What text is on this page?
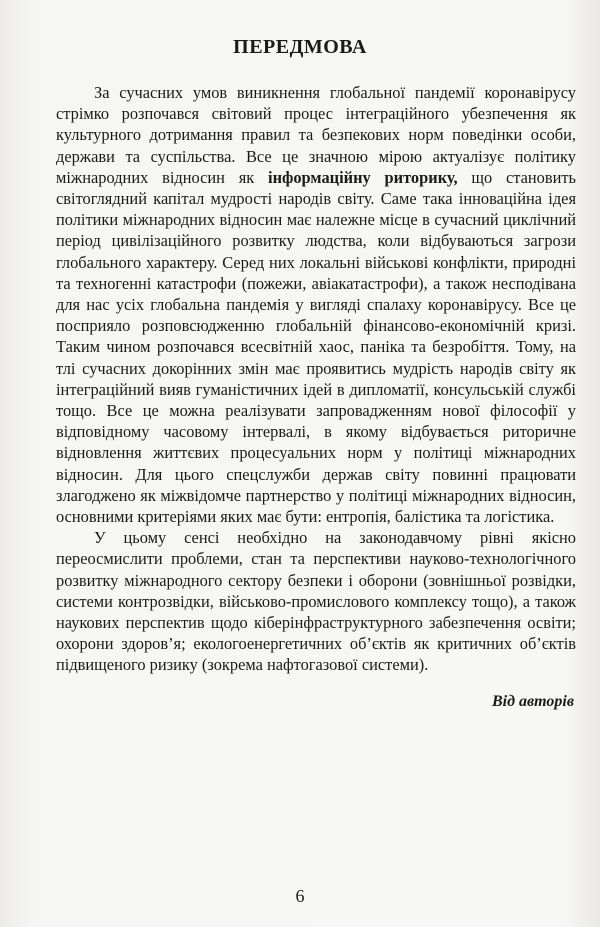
ПЕРЕДМОВА

За сучасних умов виникнення глобальної пандемії коронавірусу стрімко розпочався світовий процес інтеграційного убезпечення як культурного дотримання правил та безпекових норм поведінки особи, держави та суспільства. Все це значною мірою актуалізує політику міжнародних відносин як інформаційну риторику, що становить світоглядний капітал мудрості народів світу. Саме така інноваційна ідея політики міжнародних відносин має належне місце в сучасний циклічний період цивілізаційного розвитку людства, коли відбуваються загрози глобального характеру. Серед них локальні військові конфлікти, природні та техногенні катастрофи (пожежи, авіакатастрофи), а також несподівана для нас усіх глобальна пандемія у вигляді спалаху коронавірусу. Все це посприяло розповсюдженню глобальній фінансово-економічній кризі. Таким чином розпочався всесвітній хаос, паніка та безробіття. Тому, на тлі сучасних докорінних змін має проявитись мудрість народів світу як інтеграційний вияв гуманістичних ідей в дипломатії, консульській службі тощо. Все це можна реалізувати запровадженням нової філософії у відповідному часовому інтервалі, в якому відбувається риторичне відновлення життєвих процесуальних норм у політиці міжнародних відносин. Для цього спецслужби держав світу повинні працювати злагоджено як міжвідомче партнерство у політиці міжнародних відносин, основними критеріями яких має бути: ентропія, балістика та логістика.

У цьому сенсі необхідно на законодавчому рівні якісно переосмислити проблеми, стан та перспективи науково-технологічного розвитку міжнародного сектору безпеки і оборони (зовнішньої розвідки, системи контрозвідки, військово-промислового комплексу тощо), а також наукових перспектив щодо кіберінфраструктурного забезпечення освіти; охорони здоров’я; екологоенергетичних об’єктів як критичних об’єктів підвищеного ризику (зокрема нафтогазової системи).

Від авторів
6
